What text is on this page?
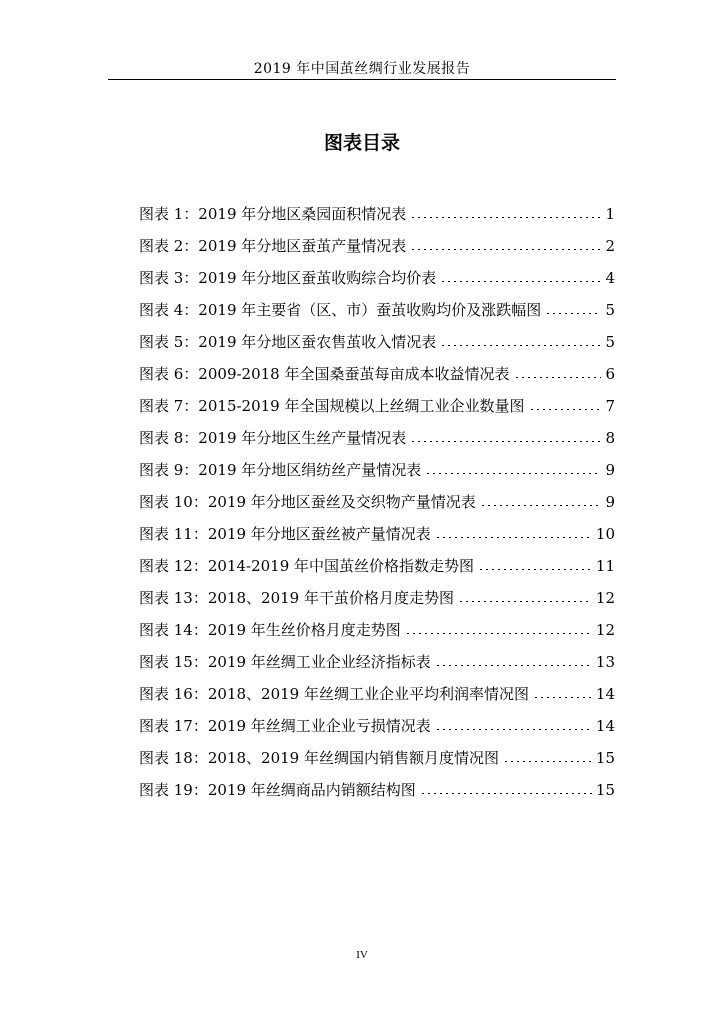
2019 年中国茧丝绸行业发展报告
图表目录
图表 1：2019 年分地区桑园面积情况表	1
图表 2：2019 年分地区蚕茧产量情况表	2
图表 3：2019 年分地区蚕茧收购综合均价表	4
图表 4：2019 年主要省（区、市）蚕茧收购均价及涨跌幅图	5
图表 5：2019 年分地区蚕农售茧收入情况表	5
图表 6：2009-2018 年全国桑蚕茧每亩成本收益情况表	6
图表 7：2015-2019 年全国规模以上丝绸工业企业数量图	7
图表 8：2019 年分地区生丝产量情况表	8
图表 9：2019 年分地区绢纺丝产量情况表	9
图表 10：2019 年分地区蚕丝及交织物产量情况表	9
图表 11：2019 年分地区蚕丝被产量情况表	10
图表 12：2014-2019 年中国茧丝价格指数走势图	11
图表 13：2018、2019 年干茧价格月度走势图	12
图表 14：2019 年生丝价格月度走势图	12
图表 15：2019 年丝绸工业企业经济指标表	13
图表 16：2018、2019 年丝绸工业企业平均利润率情况图	14
图表 17：2019 年丝绸工业企业亏损情况表	14
图表 18：2018、2019 年丝绸国内销售额月度情况图	15
图表 19：2019 年丝绸商品内销额结构图	15
IV
